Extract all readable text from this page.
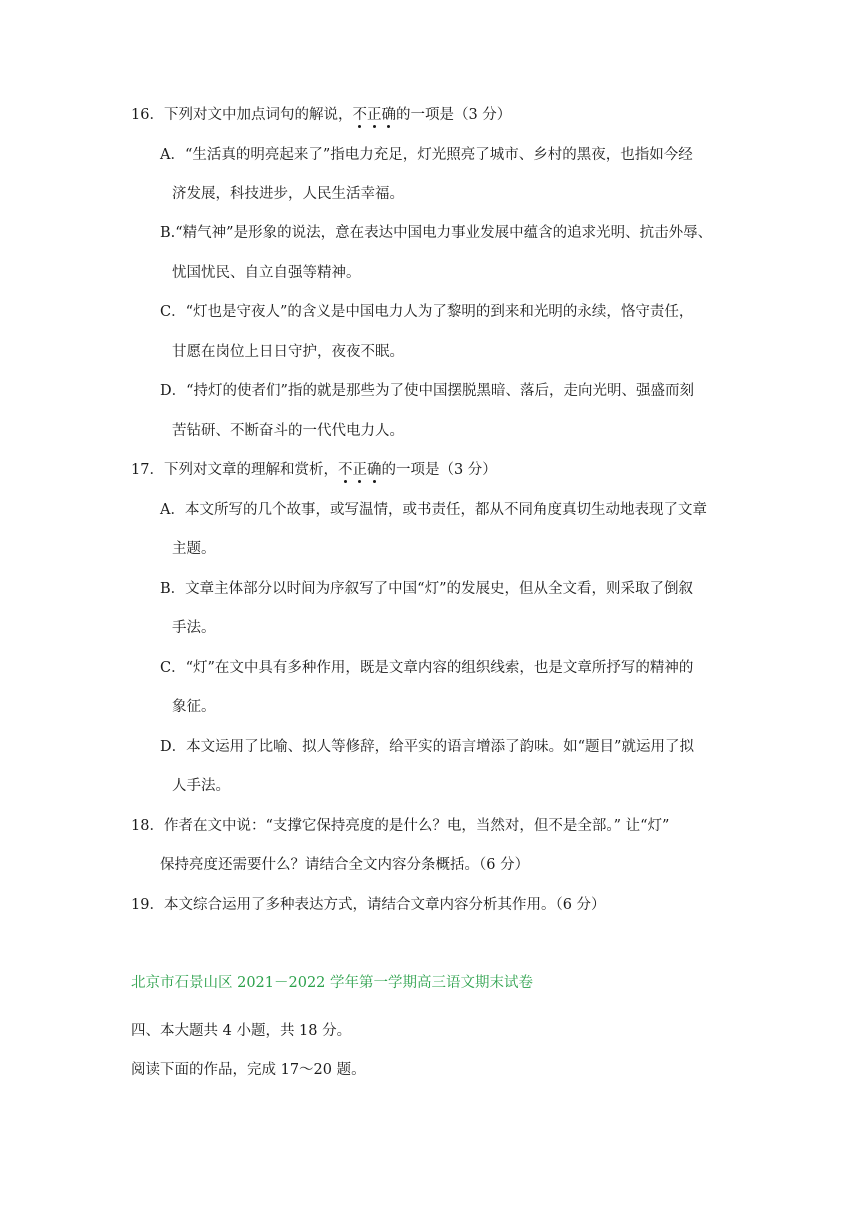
16．下列对文中加点词句的解说，不正确的一项是（3 分）
A．“生活真的明亮起来了”指电力充足，灯光照亮了城市、乡村的黑夜，也指如今经
济发展，科技进步，人民生活幸福。
B.“精气神”是形象的说法，意在表达中国电力事业发展中蕴含的追求光明、抗击外辱、
忧国忧民、自立自强等精神。
C．“灯也是守夜人”的含义是中国电力人为了黎明的到来和光明的永续，恪守责任，
甘愿在岗位上日日守护，夜夜不眠。
D．“持灯的使者们”指的就是那些为了使中国摆脱黑暗、落后，走向光明、强盛而刻
苦钻研、不断奋斗的一代代电力人。
17．下列对文章的理解和赏析，不正确的一项是（3 分）
A．本文所写的几个故事，或写温情，或书责任，都从不同角度真切生动地表现了文章
主题。
B．文章主体部分以时间为序叙写了中国“灯”的发展史，但从全文看，则采取了倒叙
手法。
C．“灯”在文中具有多种作用，既是文章内容的组织线索，也是文章所抒写的精神的
象征。
D．本文运用了比喻、拟人等修辞，给平实的语言增添了韵味。如“题目”就运用了拟
人手法。
18．作者在文中说：“支撑它保持亮度的是什么？电，当然对，但不是全部。” 让“灯”
保持亮度还需要什么？请结合全文内容分条概括。（6 分）
19．本文综合运用了多种表达方式，请结合文章内容分析其作用。（6 分）
北京市石景山区 2021－2022 学年第一学期高三语文期末试卷
四、本大题共 4 小题，共 18 分。
阅读下面的作品，完成 17～20 题。
